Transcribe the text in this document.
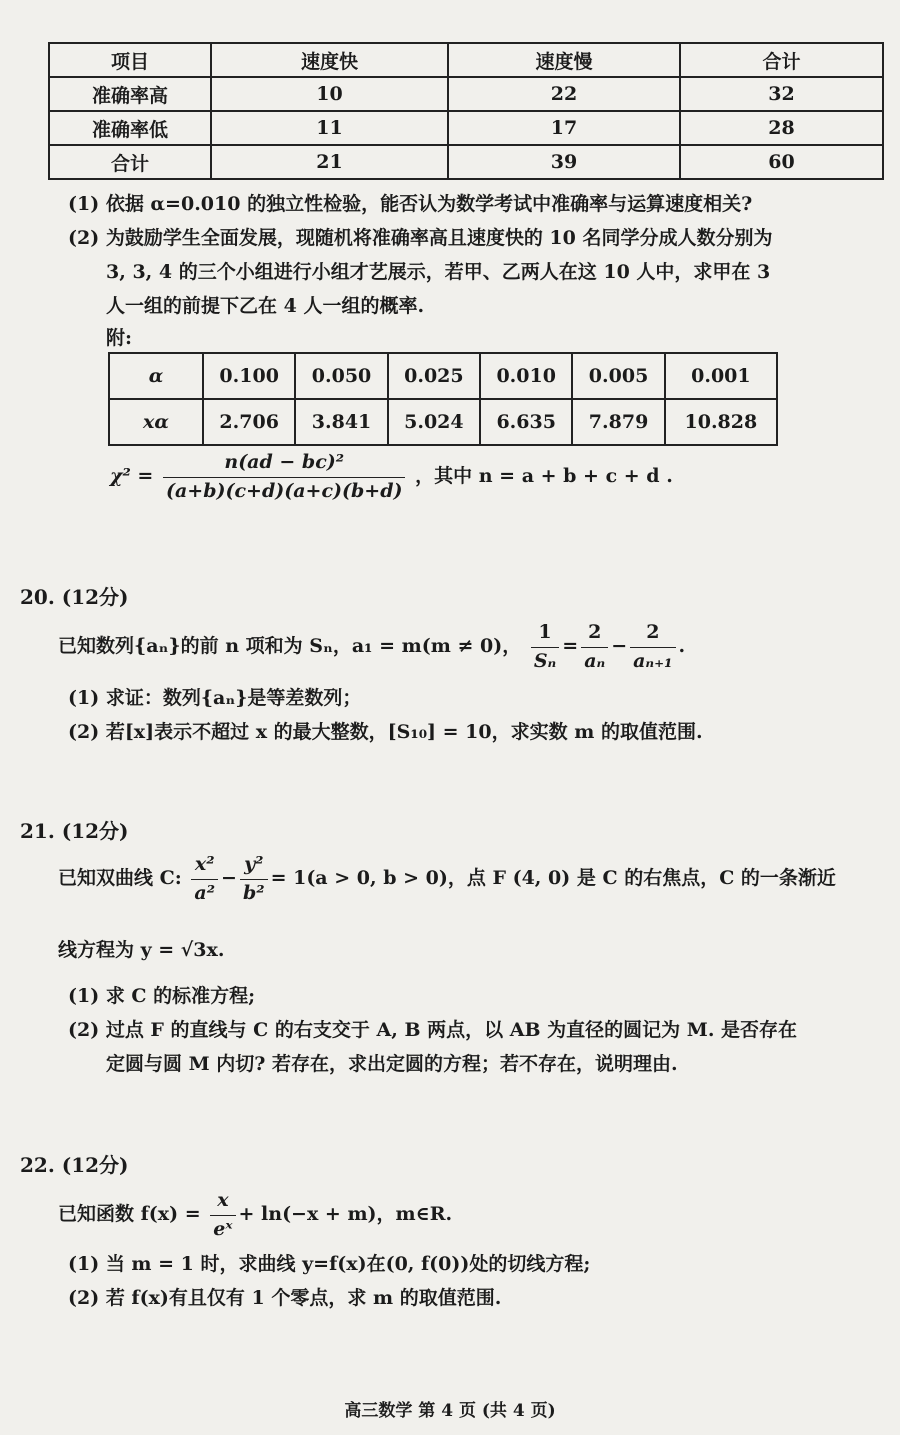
项目	速度快	速度慢	合计
准确率高	10	22	32
准确率低	11	17	28
合计	21	39	60
(1) 依据 α=0.010 的独立性检验，能否认为数学考试中准确率与运算速度相关?
(2) 为鼓励学生全面发展，现随机将准确率高且速度快的 10 名同学分成人数分别为
3, 3, 4 的三个小组进行小组才艺展示，若甲、乙两人在这 10 人中，求甲在 3
人一组的前提下乙在 4 人一组的概率.
附:
α	0.100	0.050	0.025	0.010	0.005	0.001
xα	2.706	3.841	5.024	6.635	7.879	10.828
$\chi^2 = \frac{\text{n(ad − bc)²}}{(a+b)(c+d)(a+c)(b+d)}$ ，其中 n = a + b + c + d .
20. (12分)
已知数列{aₙ}的前 n 项和为 Sₙ，a₁ = m(m ≠ 0)， $\frac{1}{\text{Sₙ}} = \frac{2}{\text{aₙ}} - \frac{2}{\text{aₙ₊₁}}$ .
(1) 求证：数列{aₙ}是等差数列；
(2) 若[x]表示不超过 x 的最大整数，[S₁₀] = 10，求实数 m 的取值范围.
21. (12分)
已知双曲线 C: $\frac{\text{x²}}{\text{a²}} - \frac{\text{y²}}{\text{b²}} = 1(a > 0$, b > 0)，点 F (4, 0) 是 C 的右焦点，C 的一条渐近
线方程为 y = √3x.
(1) 求 C 的标准方程;
(2) 过点 F 的直线与 C 的右支交于 A, B 两点，以 AB 为直径的圆记为 M. 是否存在
定圆与圆 M 内切? 若存在，求出定圆的方程；若不存在，说明理由.
22. (12分)
已知函数 $f(x) = \frac{x}{\text{eˣ}} + \ln(-x + m)$，m∈R.
(1) 当 m = 1 时，求曲线 y=f(x)在(0, f(0))处的切线方程;
(2) 若 f(x)有且仅有 1 个零点，求 m 的取值范围.
高三数学 第 4 页 (共 4 页)
